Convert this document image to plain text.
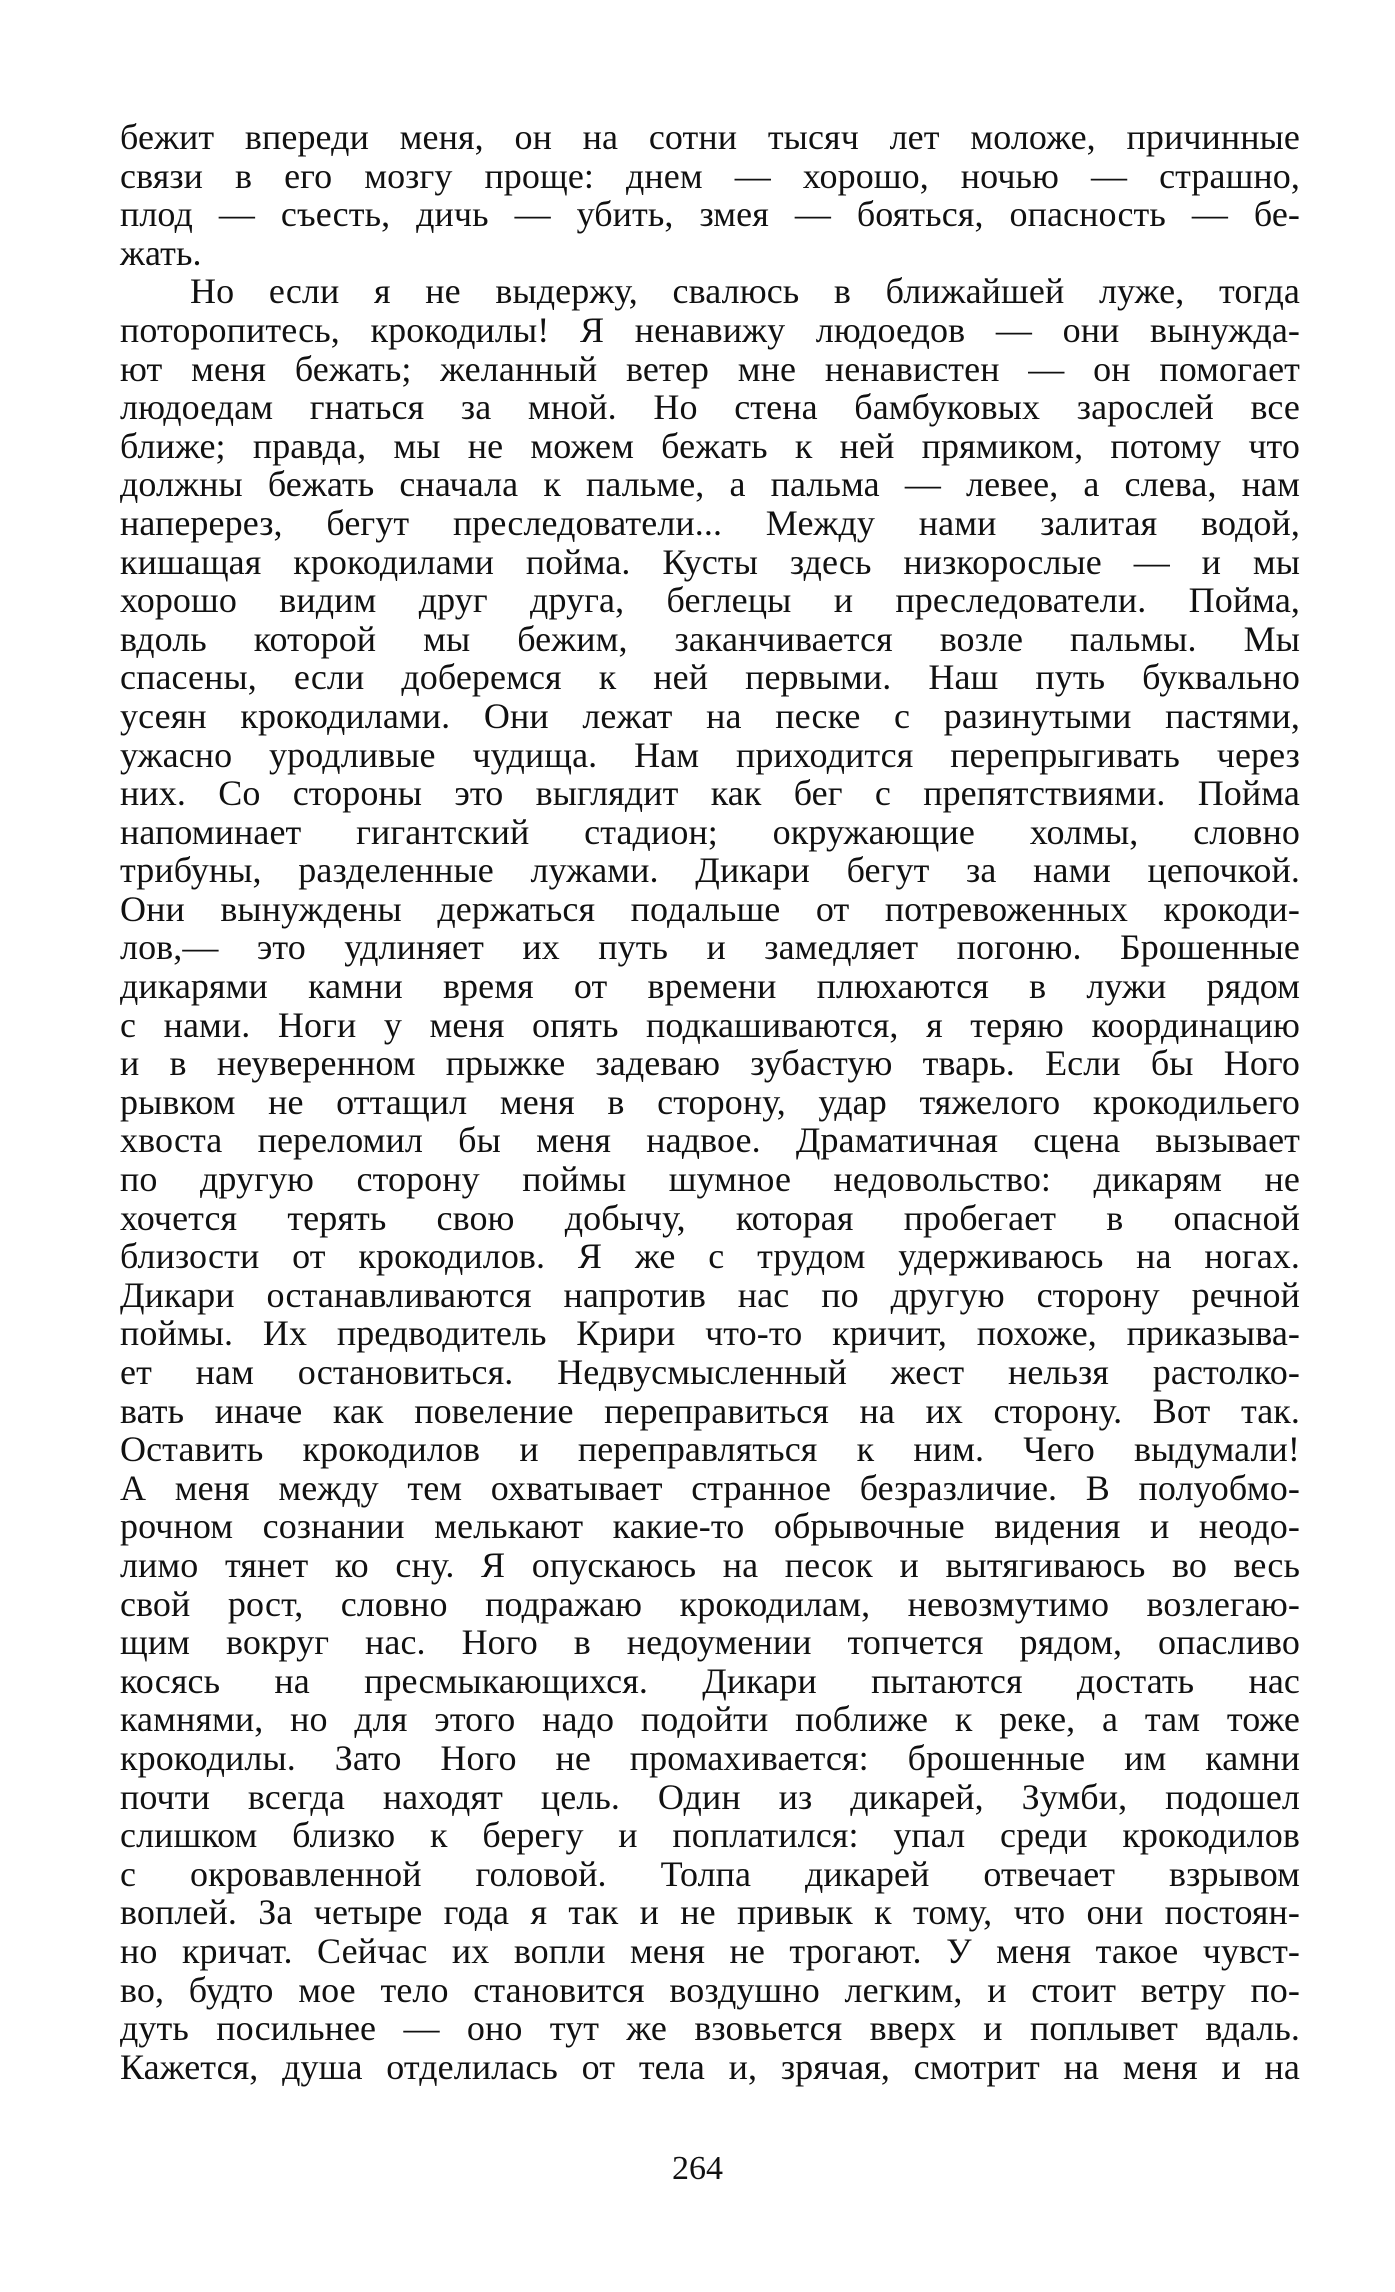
бежит впереди меня, он на сотни тысяч лет моложе, причинные
связи в его мозгу проще: днем — хорошо, ночью — страшно,
плод — съесть, дичь — убить, змея — бояться, опасность — бе-
жать.
Но если я не выдержу, свалюсь в ближайшей луже, тогда
поторопитесь, крокодилы! Я ненавижу людоедов — они вынужда-
ют меня бежать; желанный ветер мне ненавистен — он помогает
людоедам гнаться за мной. Но стена бамбуковых зарослей все
ближе; правда, мы не можем бежать к ней прямиком, потому что
должны бежать сначала к пальме, а пальма — левее, а слева, нам
наперерез, бегут преследователи... Между нами залитая водой,
кишащая крокодилами пойма. Кусты здесь низкорослые — и мы
хорошо видим друг друга, беглецы и преследователи. Пойма,
вдоль которой мы бежим, заканчивается возле пальмы. Мы
спасены, если доберемся к ней первыми. Наш путь буквально
усеян крокодилами. Они лежат на песке с разинутыми пастями,
ужасно уродливые чудища. Нам приходится перепрыгивать через
них. Со стороны это выглядит как бег с препятствиями. Пойма
напоминает гигантский стадион; окружающие холмы, словно
трибуны, разделенные лужами. Дикари бегут за нами цепочкой.
Они вынуждены держаться подальше от потревоженных крокоди-
лов,— это удлиняет их путь и замедляет погоню. Брошенные
дикарями камни время от времени плюхаются в лужи рядом
с нами. Ноги у меня опять подкашиваются, я теряю координацию
и в неуверенном прыжке задеваю зубастую тварь. Если бы Ного
рывком не оттащил меня в сторону, удар тяжелого крокодильего
хвоста переломил бы меня надвое. Драматичная сцена вызывает
по другую сторону поймы шумное недовольство: дикарям не
хочется терять свою добычу, которая пробегает в опасной
близости от крокодилов. Я же с трудом удерживаюсь на ногах.
Дикари останавливаются напротив нас по другую сторону речной
поймы. Их предводитель Крири что-то кричит, похоже, приказыва-
ет нам остановиться. Недвусмысленный жест нельзя растолко-
вать иначе как повеление переправиться на их сторону. Вот так.
Оставить крокодилов и переправляться к ним. Чего выдумали!
А меня между тем охватывает странное безразличие. В полуобмо-
рочном сознании мелькают какие-то обрывочные видения и неодо-
лимо тянет ко сну. Я опускаюсь на песок и вытягиваюсь во весь
свой рост, словно подражаю крокодилам, невозмутимо возлегаю-
щим вокруг нас. Ного в недоумении топчется рядом, опасливо
косясь на пресмыкающихся. Дикари пытаются достать нас
камнями, но для этого надо подойти поближе к реке, а там тоже
крокодилы. Зато Ного не промахивается: брошенные им камни
почти всегда находят цель. Один из дикарей, Зумби, подошел
слишком близко к берегу и поплатился: упал среди крокодилов
с окровавленной головой. Толпа дикарей отвечает взрывом
воплей. За четыре года я так и не привык к тому, что они постоян-
но кричат. Сейчас их вопли меня не трогают. У меня такое чувст-
во, будто мое тело становится воздушно легким, и стоит ветру по-
дуть посильнее — оно тут же взовьется вверх и поплывет вдаль.
Кажется, душа отделилась от тела и, зрячая, смотрит на меня и на
264
